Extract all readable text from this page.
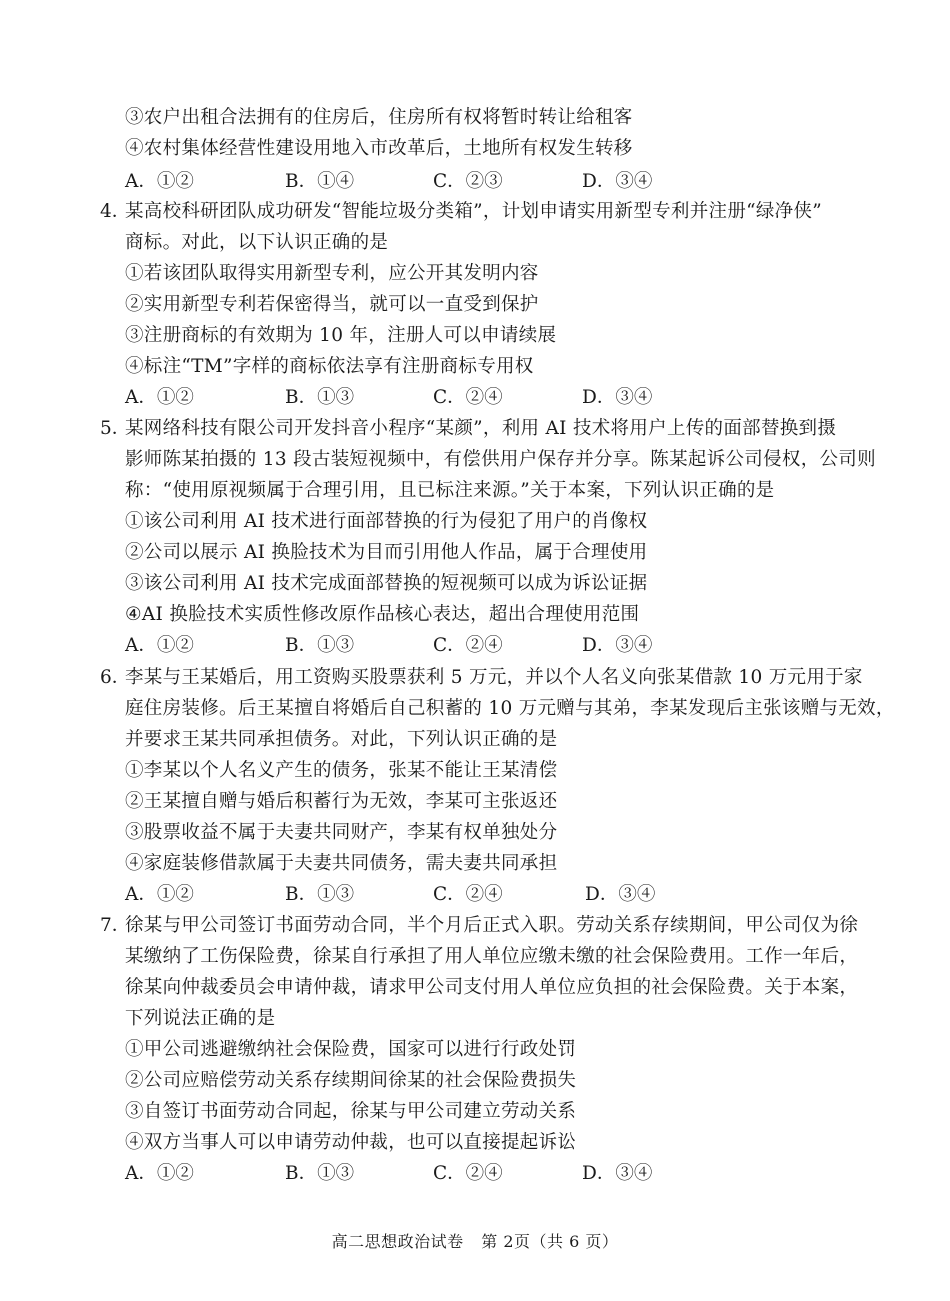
③农户出租合法拥有的住房后，住房所有权将暂时转让给租客
④农村集体经营性建设用地入市改革后，土地所有权发生转移
A．①②	B．①④	C．②③	D．③④
4．
某高校科研团队成功研发“智能垃圾分类箱”，计划申请实用新型专利并注册“绿净侠”
商标。对此，以下认识正确的是
①若该团队取得实用新型专利，应公开其发明内容
②实用新型专利若保密得当，就可以一直受到保护
③注册商标的有效期为 10 年，注册人可以申请续展
④标注“TM”字样的商标依法享有注册商标专用权
A．①②	B．①③	C．②④	D．③④
5．
某网络科技有限公司开发抖音小程序“某颜”，利用 AI 技术将用户上传的面部替换到摄
影师陈某拍摄的 13 段古装短视频中，有偿供用户保存并分享。陈某起诉公司侵权，公司则
称：“使用原视频属于合理引用，且已标注来源。”关于本案，下列认识正确的是
①该公司利用 AI 技术进行面部替换的行为侵犯了用户的肖像权
②公司以展示 AI 换脸技术为目而引用他人作品，属于合理使用
③该公司利用 AI 技术完成面部替换的短视频可以成为诉讼证据
④AI 换脸技术实质性修改原作品核心表达，超出合理使用范围
A．①②	B．①③	C．②④	D．③④
6．
李某与王某婚后，用工资购买股票获利 5 万元，并以个人名义向张某借款 10 万元用于家
庭住房装修。后王某擅自将婚后自己积蓄的 10 万元赠与其弟，李某发现后主张该赠与无效，
并要求王某共同承担债务。对此，下列认识正确的是
①李某以个人名义产生的债务，张某不能让王某清偿
②王某擅自赠与婚后积蓄行为无效，李某可主张返还
③股票收益不属于夫妻共同财产，李某有权单独处分
④家庭装修借款属于夫妻共同债务，需夫妻共同承担
A．①②	B．①③	C．②④	D．③④
7．
徐某与甲公司签订书面劳动合同，半个月后正式入职。劳动关系存续期间，甲公司仅为徐
某缴纳了工伤保险费，徐某自行承担了用人单位应缴未缴的社会保险费用。工作一年后，
徐某向仲裁委员会申请仲裁，请求甲公司支付用人单位应负担的社会保险费。关于本案，
下列说法正确的是
①甲公司逃避缴纳社会保险费，国家可以进行行政处罚
②公司应赔偿劳动关系存续期间徐某的社会保险费损失
③自签订书面劳动合同起，徐某与甲公司建立劳动关系
④双方当事人可以申请劳动仲裁，也可以直接提起诉讼
A．①②	B．①③	C．②④	D．③④
高二思想政治试卷 第 2页（共 6 页）
